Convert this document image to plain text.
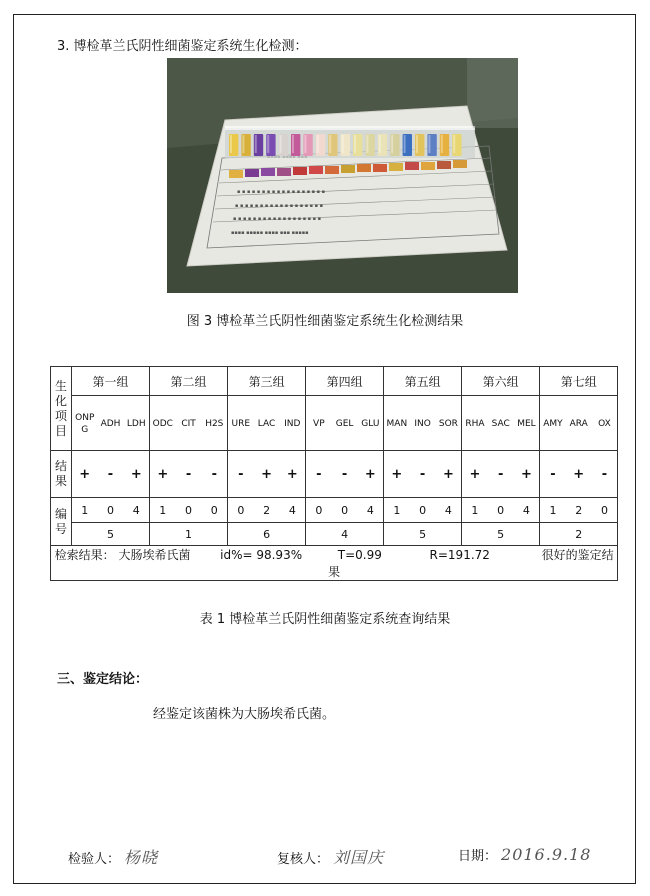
3. 博检革兰氏阴性细菌鉴定系统生化检测：
▪ ▪ ▪ ▪ ▪ ▪ ▪ ▪ ▪ ▪ ▪ ▪ ▪ ▪ ▪ ▪ ▪ ▪
▪ ▪ ▪ ▪ ▪ ▪ ▪ ▪ ▪ ▪ ▪ ▪ ▪ ▪ ▪ ▪ ▪ ▪
▪ ▪ ▪ ▪ ▪ ▪ ▪ ▪ ▪ ▪ ▪ ▪ ▪ ▪ ▪ ▪ ▪ ▪
▪▪▪▪ ▪▪▪▪▪ ▪▪▪▪ ▪▪▪ ▪▪▪▪▪
图 3 博检革兰氏阴性细菌鉴定系统生化检测结果
生
化
项
目	第一组			第二组			第三组			第四组			第五组			第六组			第七组		
	ONPG	ADH	LDH	ODC	CIT	H2S	URE	LAC	IND	VP	GEL	GLU	MAN	INO	SOR	RHA	SAC	MEL	AMY	ARA	OX
结
果	+	-	+	+	-	-	-	+	+	-	-	+	+	-	+	+	-	+	-	+	-
编
号	1	0	4	1	0	0	0	2	4	0	0	4	1	0	4	1	0	4	1	2	0
	5			1			6			4			5			5			2		
检索结果： 大肠埃希氏菌 id%= 98.93% T=0.99 R=191.72 很好的鉴定结果																					
表 1 博检革兰氏阴性细菌鉴定系统查询结果
三、鉴定结论：
经鉴定该菌株为大肠埃希氏菌。
检验人： 杨晓	复核人： 刘国庆	日期： 2016.9.18
